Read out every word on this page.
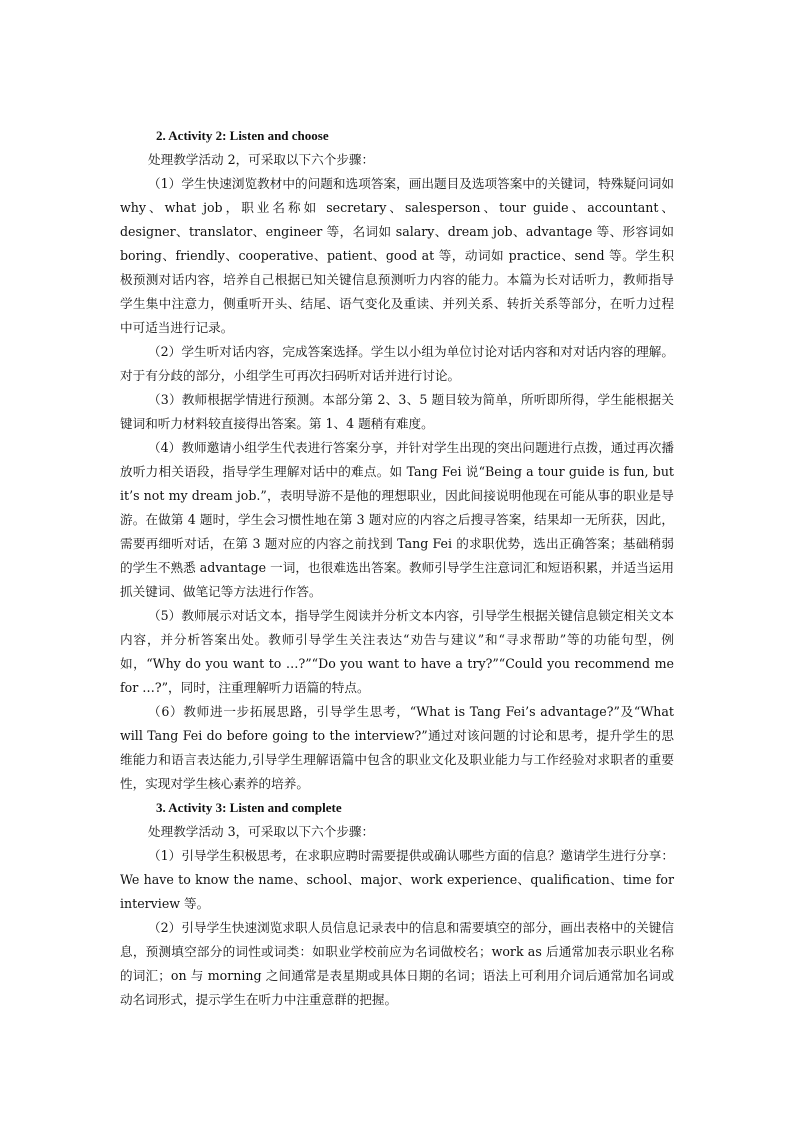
2. Activity 2: Listen and choose

处理教学活动 2，可采取以下六个步骤：

（1）学生快速浏览教材中的问题和选项答案，画出题目及选项答案中的关键词，特殊疑问词如 why、what job，职业名称如 secretary、salesperson、tour guide、accountant、designer、translator、engineer 等，名词如 salary、dream job、advantage 等、形容词如 boring、friendly、cooperative、patient、good at 等，动词如 practice、send 等。学生积极预测对话内容，培养自己根据已知关键信息预测听力内容的能力。本篇为长对话听力，教师指导学生集中注意力，侧重听开头、结尾、语气变化及重读、并列关系、转折关系等部分，在听力过程中可适当进行记录。

（2）学生听对话内容，完成答案选择。学生以小组为单位讨论对话内容和对对话内容的理解。对于有分歧的部分，小组学生可再次扫码听对话并进行讨论。

（3）教师根据学情进行预测。本部分第 2、3、5 题目较为简单，所听即所得，学生能根据关键词和听力材料较直接得出答案。第 1、4 题稍有难度。

（4）教师邀请小组学生代表进行答案分享，并针对学生出现的突出问题进行点拨，通过再次播放听力相关语段，指导学生理解对话中的难点。如 Tang Fei 说“Being a tour guide is fun, but it’s not my dream job.”，表明导游不是他的理想职业，因此间接说明他现在可能从事的职业是导游。在做第 4 题时，学生会习惯性地在第 3 题对应的内容之后搜寻答案，结果却一无所获，因此，需要再细听对话，在第 3 题对应的内容之前找到 Tang Fei 的求职优势，选出正确答案；基础稍弱的学生不熟悉 advantage 一词，也很难选出答案。教师引导学生注意词汇和短语积累，并适当运用抓关键词、做笔记等方法进行作答。

（5）教师展示对话文本，指导学生阅读并分析文本内容，引导学生根据关键信息锁定相关文本内容，并分析答案出处。教师引导学生关注表达“劝告与建议”和“寻求帮助”等的功能句型，例如，“Why do you want to …?”“Do you want to have a try?”“Could you recommend me for …?”，同时，注重理解听力语篇的特点。

（6）教师进一步拓展思路，引导学生思考，“What is Tang Fei’s advantage?”及“What will Tang Fei do before going to the interview?”通过对该问题的讨论和思考，提升学生的思维能力和语言表达能力,引导学生理解语篇中包含的职业文化及职业能力与工作经验对求职者的重要性，实现对学生核心素养的培养。

3. Activity 3: Listen and complete

处理教学活动 3，可采取以下六个步骤：

（1）引导学生积极思考，在求职应聘时需要提供或确认哪些方面的信息？邀请学生进行分享：We have to know the name、school、major、work experience、qualification、time for interview 等。

（2）引导学生快速浏览求职人员信息记录表中的信息和需要填空的部分，画出表格中的关键信息，预测填空部分的词性或词类：如职业学校前应为名词做校名；work as 后通常加表示职业名称的词汇；on 与 morning 之间通常是表星期或具体日期的名词；语法上可利用介词后通常加名词或动名词形式，提示学生在听力中注重意群的把握。
